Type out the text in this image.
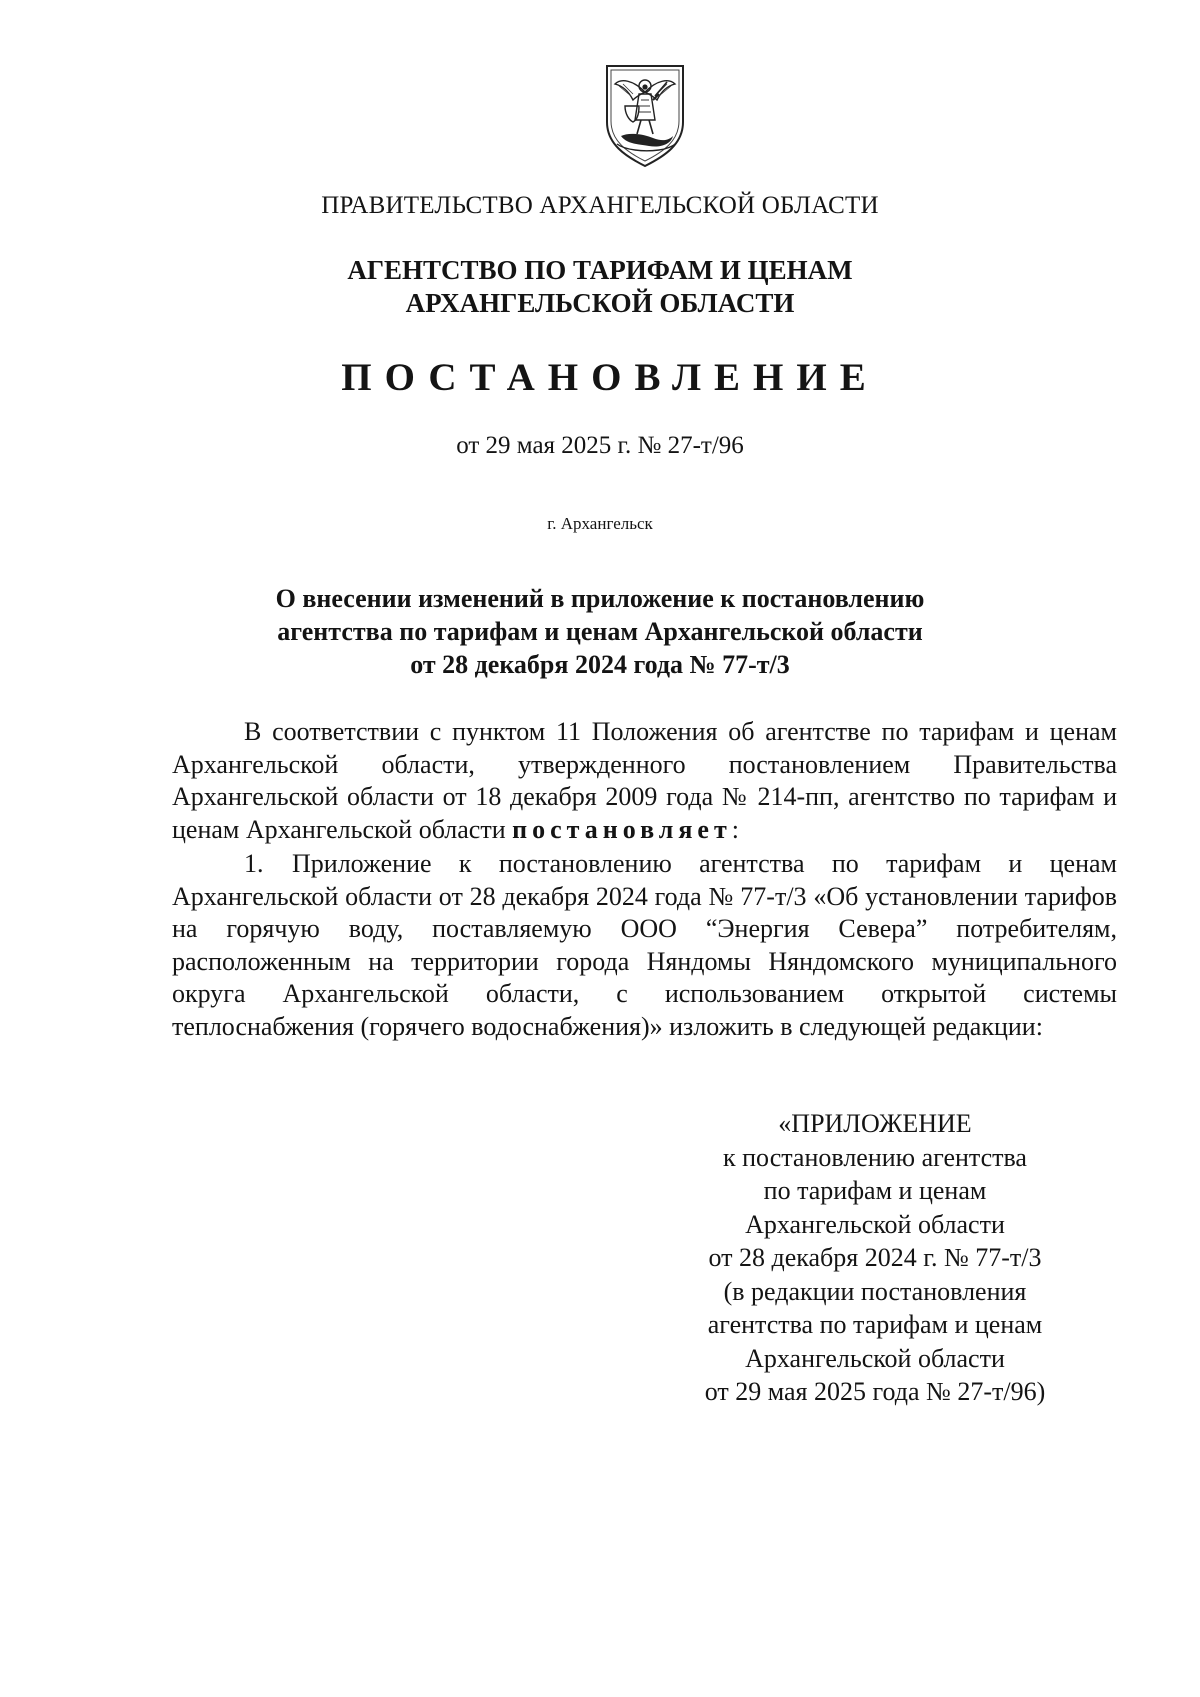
ПРАВИТЕЛЬСТВО АРХАНГЕЛЬСКОЙ ОБЛАСТИ
АГЕНТСТВО ПО ТАРИФАМ И ЦЕНАМ
АРХАНГЕЛЬСКОЙ ОБЛАСТИ
ПОСТАНОВЛЕНИЕ
от 29 мая 2025 г. № 27-т/96
г. Архангельск
О внесении изменений в приложение к постановлению
агентства по тарифам и ценам Архангельской области
от 28 декабря 2024 года № 77-т/3
В соответствии с пунктом 11 Положения об агентстве по тарифам и ценам Архангельской области, утвержденного постановлением Правительства Архангельской области от 18 декабря 2009 года № 214-пп, агентство по тарифам и ценам Архангельской области постановляет:
1. Приложение к постановлению агентства по тарифам и ценам Архангельской области от 28 декабря 2024 года № 77-т/3 «Об установлении тарифов на горячую воду, поставляемую ООО “Энергия Севера” потребителям, расположенным на территории города Няндомы Няндомского муниципального округа Архангельской области, с использованием открытой системы теплоснабжения (горячего водоснабжения)» изложить в следующей редакции:
«ПРИЛОЖЕНИЕ
к постановлению агентства
по тарифам и ценам
Архангельской области
от 28 декабря 2024 г. № 77-т/3
(в редакции постановления
агентства по тарифам и ценам
Архангельской области
от 29 мая 2025 года № 27-т/96)
